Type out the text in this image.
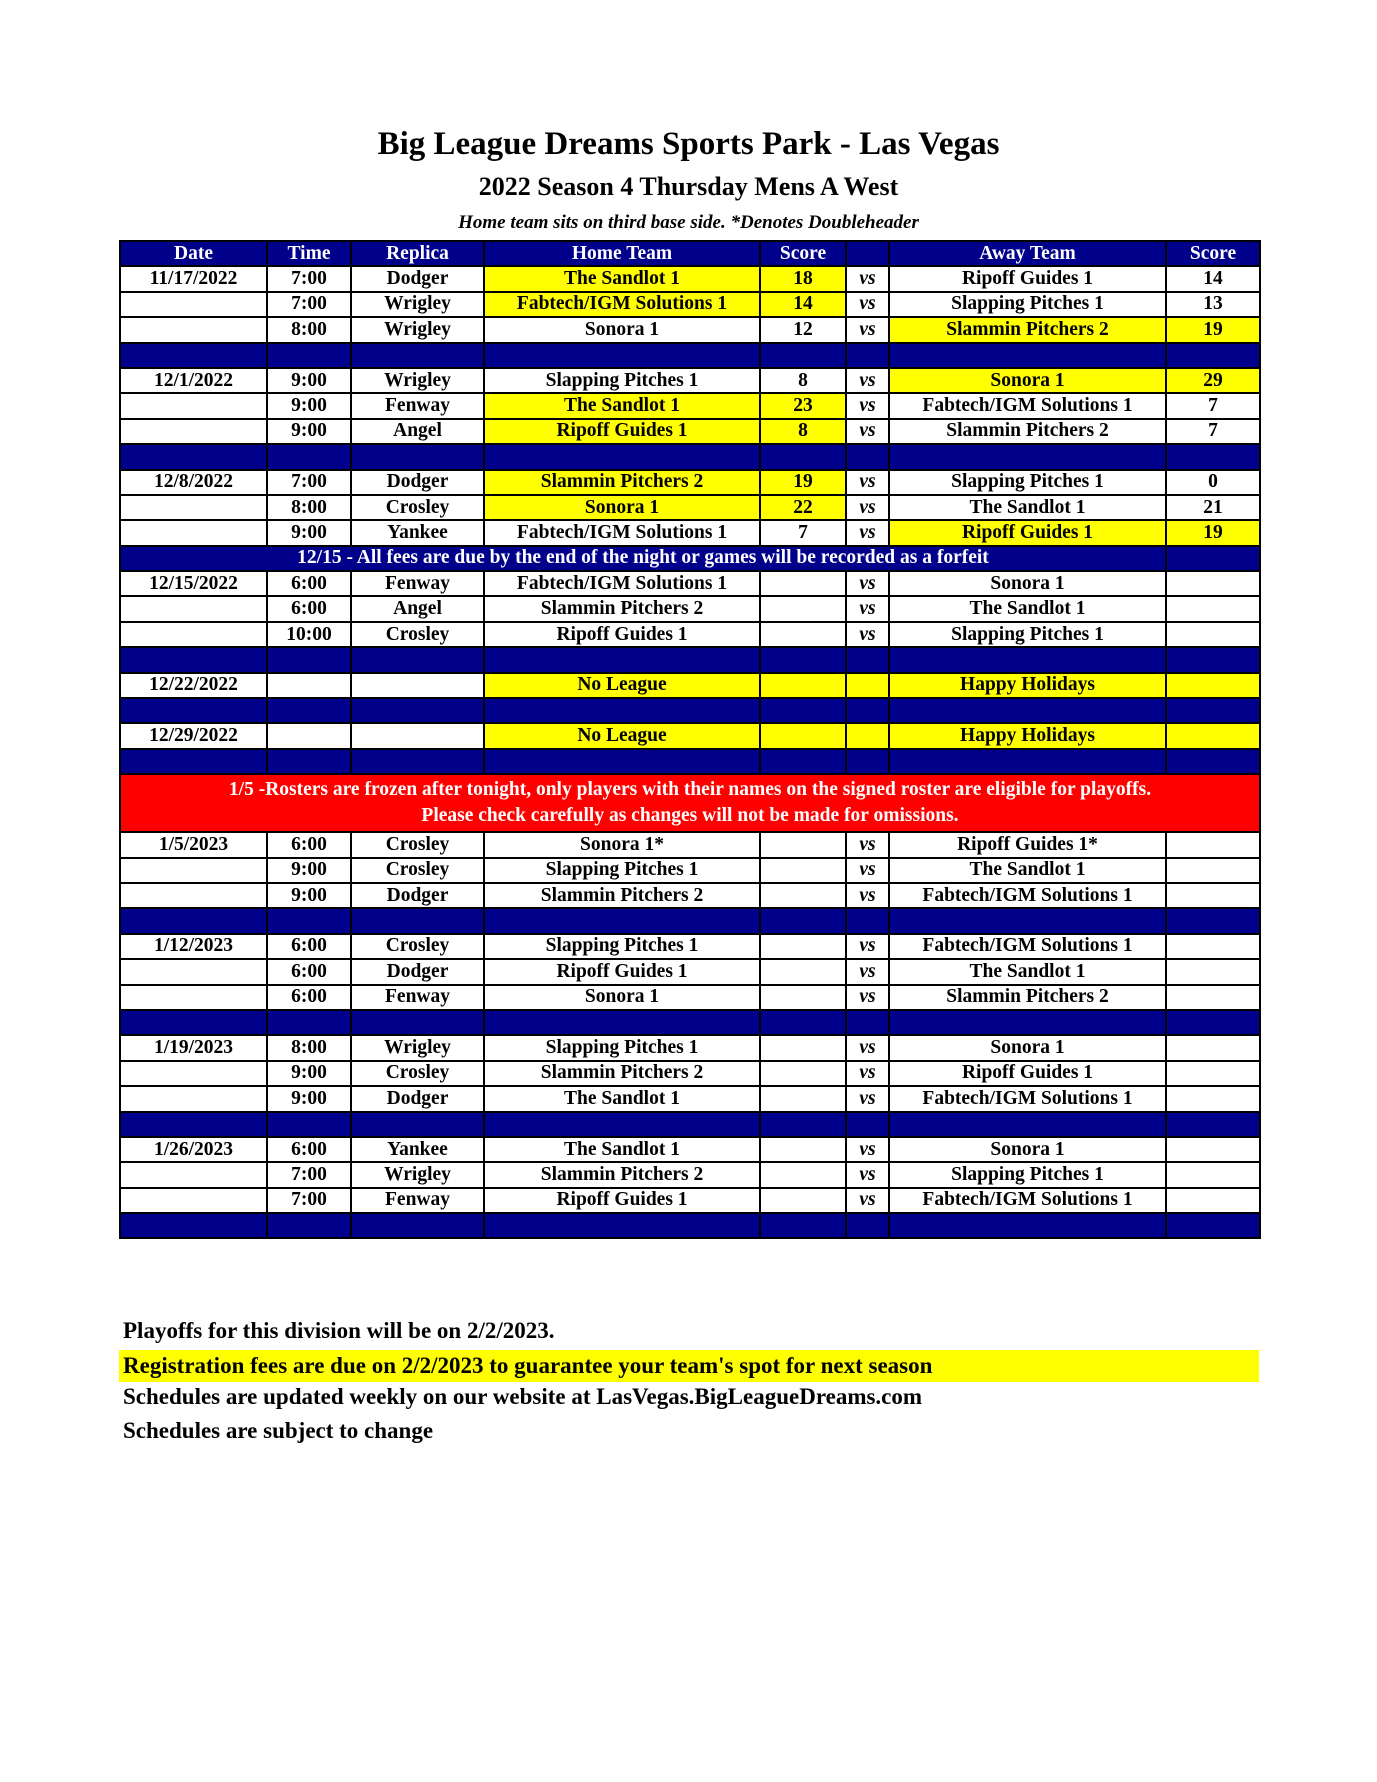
Big League Dreams Sports Park - Las Vegas
2022 Season 4 Thursday Mens A West
Home team sits on third base side. *Denotes Doubleheader
Date	Time	Replica	Home Team	Score		Away Team	Score
11/17/2022	7:00	Dodger	The Sandlot 1	18	vs	Ripoff Guides 1	14
	7:00	Wrigley	Fabtech/IGM Solutions 1	14	vs	Slapping Pitches 1	13
	8:00	Wrigley	Sonora 1	12	vs	Slammin Pitchers 2	19

12/1/2022	9:00	Wrigley	Slapping Pitches 1	8	vs	Sonora 1	29
	9:00	Fenway	The Sandlot 1	23	vs	Fabtech/IGM Solutions 1	7
	9:00	Angel	Ripoff Guides 1	8	vs	Slammin Pitchers 2	7

12/8/2022	7:00	Dodger	Slammin Pitchers 2	19	vs	Slapping Pitches 1	0
	8:00	Crosley	Sonora 1	22	vs	The Sandlot 1	21
	9:00	Yankee	Fabtech/IGM Solutions 1	7	vs	Ripoff Guides 1	19
12/15 - All fees are due by the end of the night or games will be recorded as a forfeit							
12/15/2022	6:00	Fenway	Fabtech/IGM Solutions 1		vs	Sonora 1	
	6:00	Angel	Slammin Pitchers 2		vs	The Sandlot 1	
	10:00	Crosley	Ripoff Guides 1		vs	Slapping Pitches 1	

12/22/2022			No League			Happy Holidays	

12/29/2022			No League			Happy Holidays	

1/5 -Rosters are frozen after tonight, only players with their names on the signed roster are eligible for playoffs.
Please check carefully as changes will not be made for omissions.							

1/5/2023	6:00	Crosley	Sonora 1*		vs	Ripoff Guides 1*	
	9:00	Crosley	Slapping Pitches 1		vs	The Sandlot 1	
	9:00	Dodger	Slammin Pitchers 2		vs	Fabtech/IGM Solutions 1	

1/12/2023	6:00	Crosley	Slapping Pitches 1		vs	Fabtech/IGM Solutions 1	
	6:00	Dodger	Ripoff Guides 1		vs	The Sandlot 1	
	6:00	Fenway	Sonora 1		vs	Slammin Pitchers 2	

1/19/2023	8:00	Wrigley	Slapping Pitches 1		vs	Sonora 1	
	9:00	Crosley	Slammin Pitchers 2		vs	Ripoff Guides 1	
	9:00	Dodger	The Sandlot 1		vs	Fabtech/IGM Solutions 1	

1/26/2023	6:00	Yankee	The Sandlot 1		vs	Sonora 1	
	7:00	Wrigley	Slammin Pitchers 2		vs	Slapping Pitches 1	
	7:00	Fenway	Ripoff Guides 1		vs	Fabtech/IGM Solutions 1	

Playoffs for this division will be on 2/2/2023.
Registration fees are due on 2/2/2023 to guarantee your team's spot for next season
Schedules are updated weekly on our website at LasVegas.BigLeagueDreams.com
Schedules are subject to change
